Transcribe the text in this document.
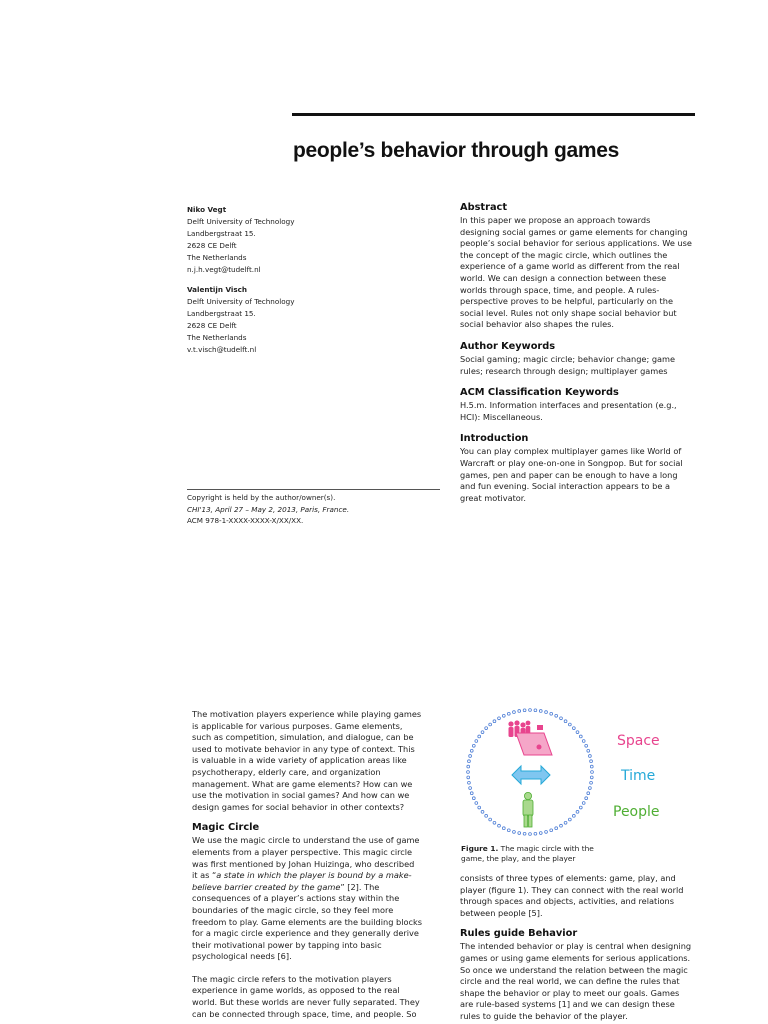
people’s behavior through games
Niko Vegt
Delft University of Technology
Landbergstraat 15.
2628 CE Delft
The Netherlands
n.j.h.vegt@tudelft.nl
Valentijn Visch
Delft University of Technology
Landbergstraat 15.
2628 CE Delft
The Netherlands
v.t.visch@tudelft.nl
Copyright is held by the author/owner(s).
CHI'13, April 27 – May 2, 2013, Paris, France.
ACM 978-1-XXXX-XXXX-X/XX/XX.
Abstract
In this paper we propose an approach towards
designing social games or game elements for changing
people’s social behavior for serious applications. We use
the concept of the magic circle, which outlines the
experience of a game world as different from the real
world. We can design a connection between these
worlds through space, time, and people. A rules-
perspective proves to be helpful, particularly on the
social level. Rules not only shape social behavior but
social behavior also shapes the rules.
Author Keywords
Social gaming; magic circle; behavior change; game
rules; research through design; multiplayer games
ACM Classification Keywords
H.5.m. Information interfaces and presentation (e.g.,
HCI): Miscellaneous.
Introduction
You can play complex multiplayer games like World of
Warcraft or play one-on-one in Songpop. But for social
games, pen and paper can be enough to have a long
and fun evening. Social interaction appears to be a
great motivator.
The motivation players experience while playing games
is applicable for various purposes. Game elements,
such as competition, simulation, and dialogue, can be
used to motivate behavior in any type of context. This
is valuable in a wide variety of application areas like
psychotherapy, elderly care, and organization
management. What are game elements? How can we
use the motivation in social games? And how can we
design games for social behavior in other contexts?
Magic Circle
We use the magic circle to understand the use of game
elements from a player perspective. This magic circle
was first mentioned by Johan Huizinga, who described
it as “a state in which the player is bound by a make-
believe barrier created by the game” [2]. The
consequences of a player’s actions stay within the
boundaries of the magic circle, so they feel more
freedom to play. Game elements are the building blocks
for a magic circle experience and they generally derive
their motivational power by tapping into basic
psychological needs [6].
The magic circle refers to the motivation players
experience in game worlds, as opposed to the real
world. But these worlds are never fully separated. They
can be connected through space, time, and people. So
Space
Time
People
Figure 1. The magic circle with the
game, the play, and the player
consists of three types of elements: game, play, and
player (figure 1). They can connect with the real world
through spaces and objects, activities, and relations
between people [5].
Rules guide Behavior
The intended behavior or play is central when designing
games or using game elements for serious applications.
So once we understand the relation between the magic
circle and the real world, we can define the rules that
shape the behavior or play to meet our goals. Games
are rule-based systems [1] and we can design these
rules to guide the behavior of the player.
